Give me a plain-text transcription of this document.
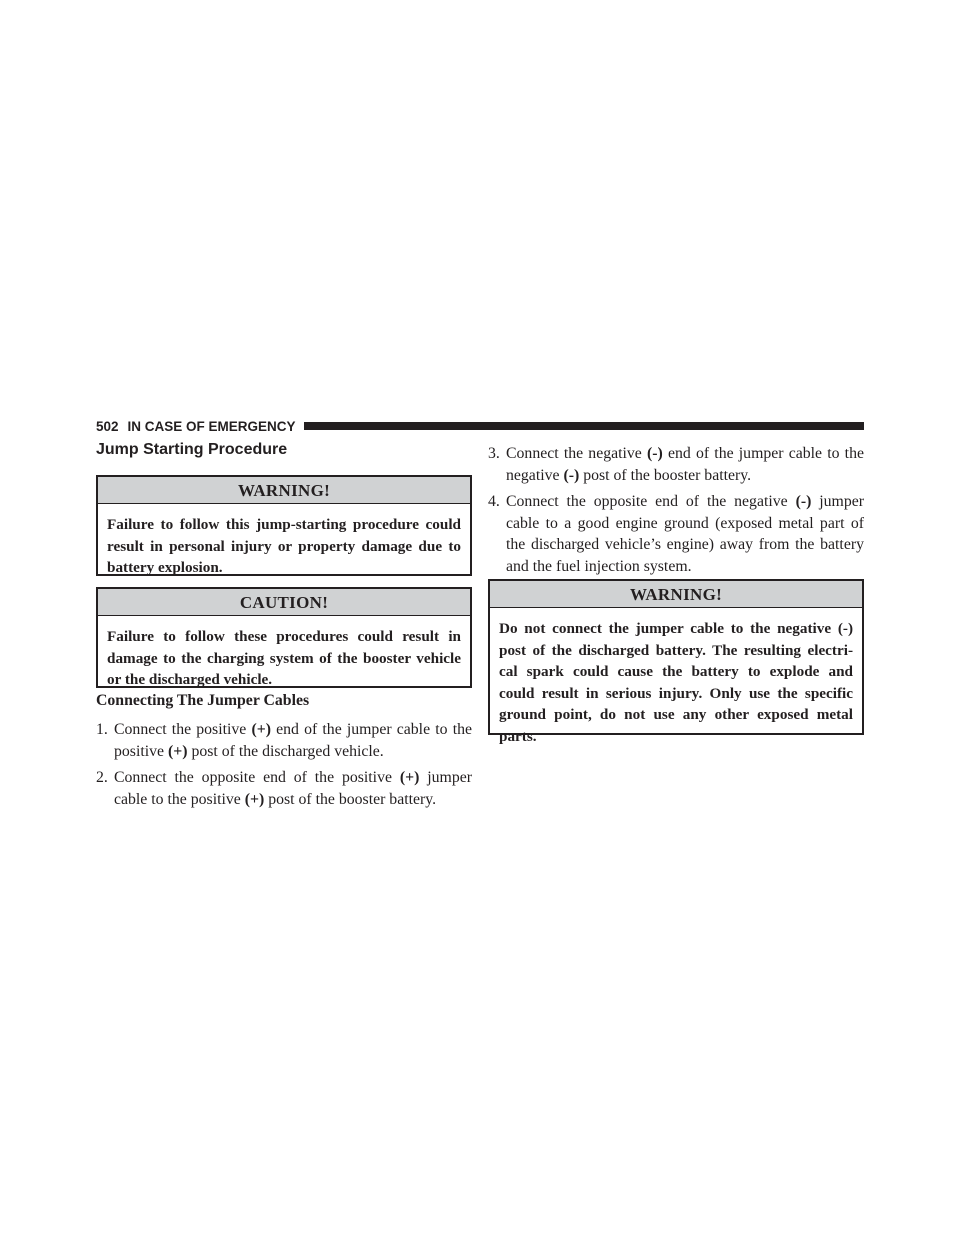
502 IN CASE OF EMERGENCY
Jump Starting Procedure
WARNING!
Failure to follow this jump-starting procedure could
result in personal injury or property damage due to
battery explosion.
CAUTION!
Failure to follow these procedures could result in
damage to the charging system of the booster vehicle
or the discharged vehicle.
Connecting The Jumper Cables
1. Connect the positive (+) end of the jumper cable to the
positive (+) post of the discharged vehicle.
2. Connect the opposite end of the positive (+) jumper
cable to the positive (+) post of the booster battery.
3. Connect the negative (-) end of the jumper cable to the
negative (-) post of the booster battery.
4. Connect the opposite end of the negative (-) jumper
cable to a good engine ground (exposed metal part of
the discharged vehicle’s engine) away from the battery
and the fuel injection system.
WARNING!
Do not connect the jumper cable to the negative (-)
post of the discharged battery. The resulting electri-
cal spark could cause the battery to explode and
could result in serious injury. Only use the specific
ground point, do not use any other exposed metal
parts.
